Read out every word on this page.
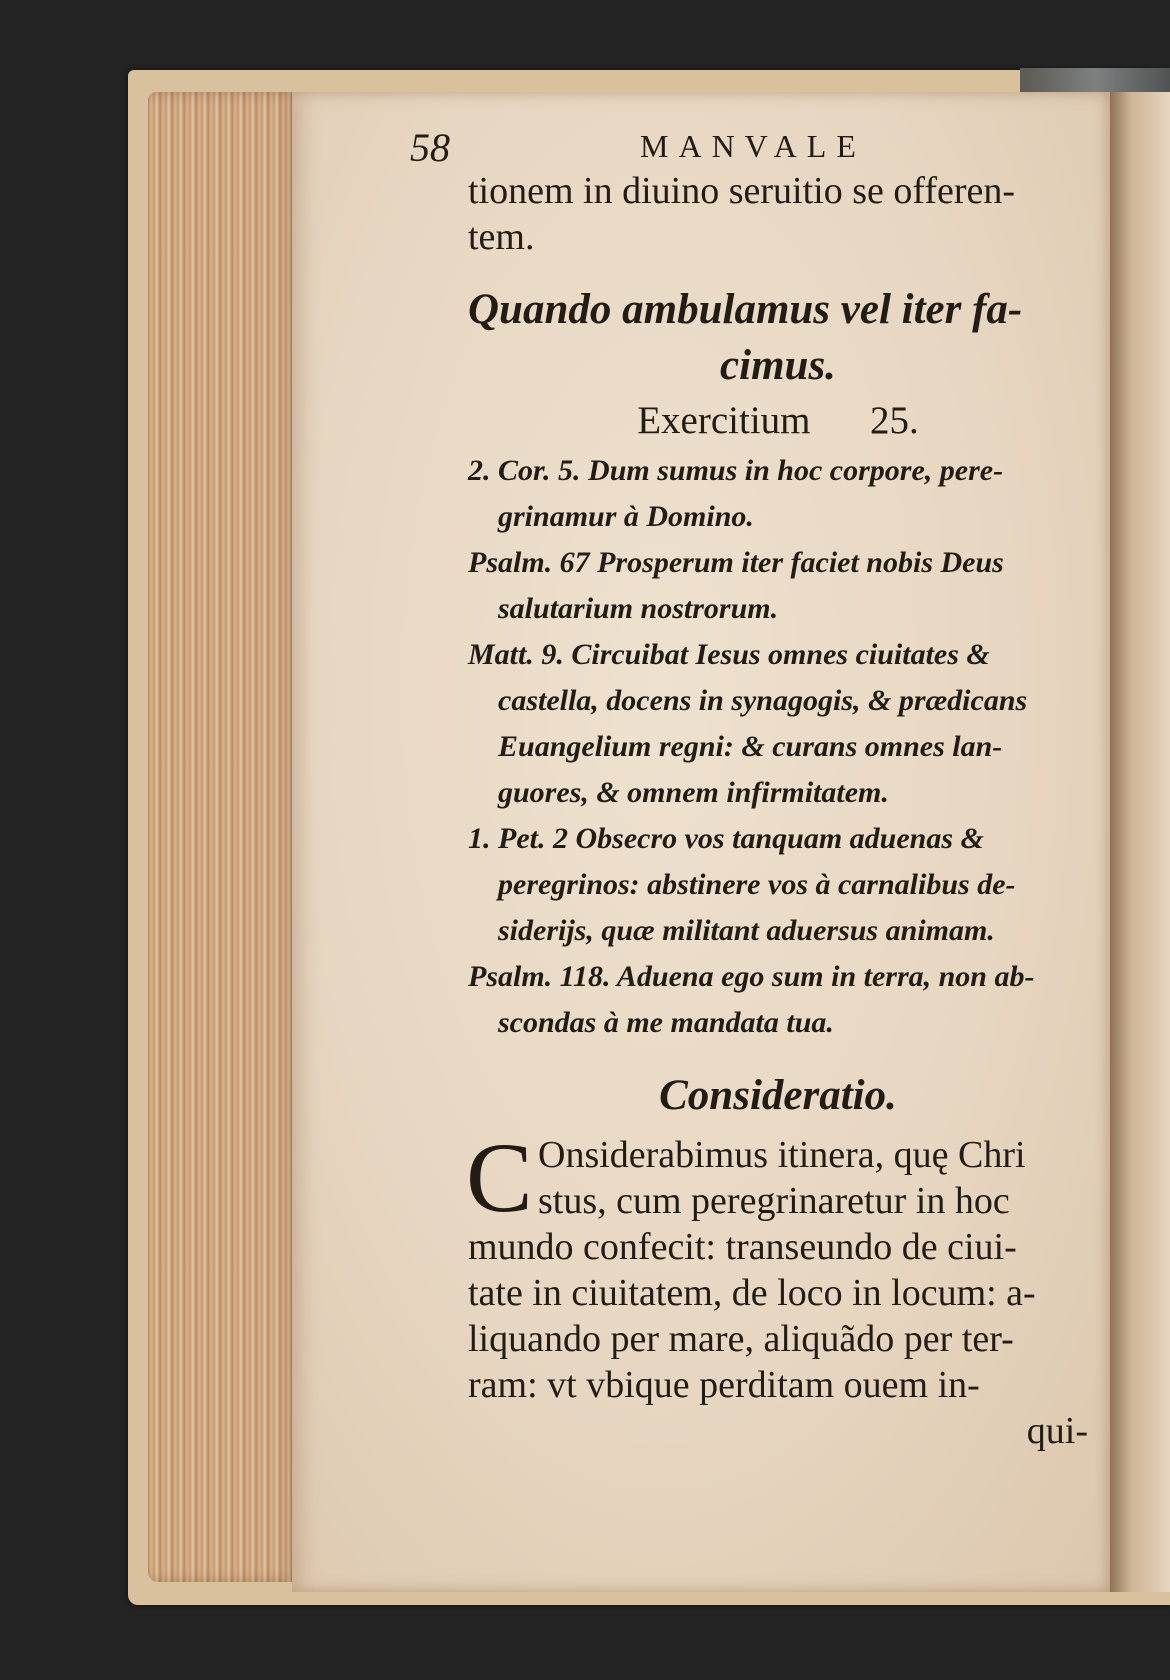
58	MANVALE
tionem in diuino seruitio se offeren-
tem.
Quando ambulamus vel iter fa-
cimus.
Exercitium 25.
2. Cor. 5. Dum sumus in hoc corpore, pere-
grinamur à Domino.
Psalm. 67 Prosperum iter faciet nobis Deus
salutarium nostrorum.
Matt. 9. Circuibat Iesus omnes ciuitates &
castella, docens in synagogis, & prædicans
Euangelium regni: & curans omnes lan-
guores, & omnem infirmitatem.
1. Pet. 2 Obsecro vos tanquam aduenas &
peregrinos: abstinere vos à carnalibus de-
siderijs, quæ militant aduersus animam.
Psalm. 118. Aduena ego sum in terra, non ab-
scondas à me mandata tua.
Consideratio.
C Onsiderabimus itinera, quę Chri
stus, cum peregrinaretur in hoc
mundo confecit: transeundo de ciui-
tate in ciuitatem, de loco in locum: a-
liquando per mare, aliquãdo per ter-
ram: vt vbique perditam ouem in-
qui-
